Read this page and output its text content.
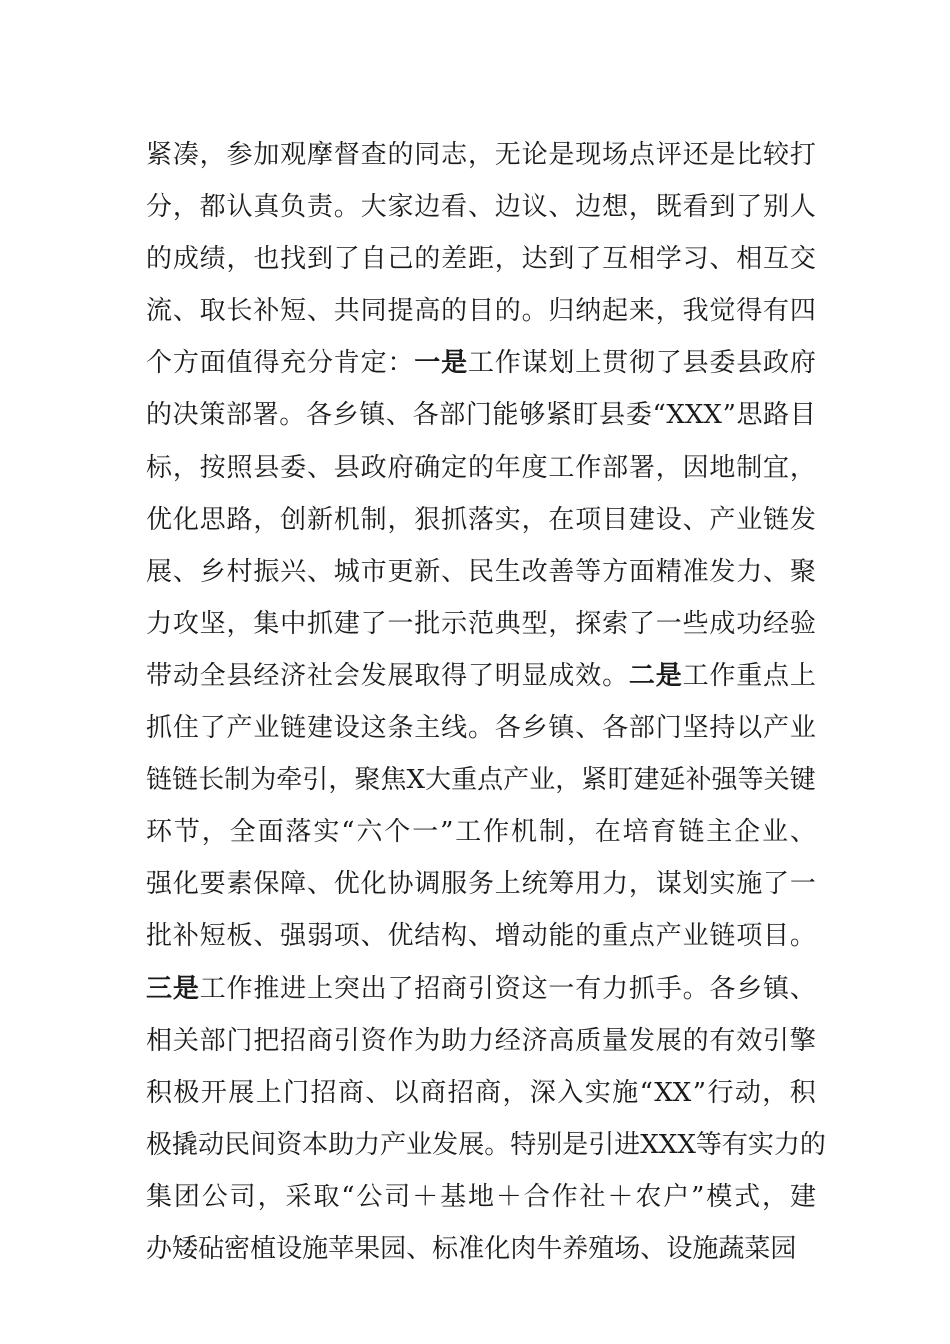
紧 凑 ， 参 加 观 摩 督 查 的 同 志 ， 无 论 是 现 场 点 评 还 是 比 较 打
分 ， 都 认 真 负 责 。 大 家 边 看 、 边 议 、 边 想 ， 既 看 到 了 别 人
的 成 绩 ， 也 找 到 了 自 己 的 差 距 ， 达 到 了 互 相 学 习 、 相 互 交
流 、 取 长 补 短 、 共 同 提 高 的 目 的 。 归 纳 起 来 ， 我 觉 得 有 四
个 方 面 值 得 充 分 肯 定 ： 一 是 工 作 谋 划 上 贯 彻 了 县 委 县 政 府
的 决 策 部 署 。 各 乡 镇 、 各 部 门 能 够 紧 盯 县 委 “ XXX ” 思 路 目
标 ， 按 照 县 委 、 县 政 府 确 定 的 年 度 工 作 部 署 ， 因 地 制 宜 ，
优 化 思 路 ， 创 新 机 制 ， 狠 抓 落 实 ， 在 项 目 建 设 、 产 业 链 发
展 、 乡 村 振 兴 、 城 市 更 新 、 民 生 改 善 等 方 面 精 准 发 力 、 聚
力 攻 坚 ， 集 中 抓 建 了 一 批 示 范 典 型 ， 探 索 了 一 些 成 功 经 验
带 动 全 县 经 济 社 会 发 展 取 得 了 明 显 成 效 。 二 是 工 作 重 点 上
抓 住 了 产 业 链 建 设 这 条 主 线 。 各 乡 镇 、 各 部 门 坚 持 以 产 业
链 链 长 制 为 牵 引 ， 聚 焦 X 大 重 点 产 业 ， 紧 盯 建 延 补 强 等 关 键
环 节 ， 全 面 落 实 “ 六 个 一 ” 工 作 机 制 ， 在 培 育 链 主 企 业 、
强 化 要 素 保 障 、 优 化 协 调 服 务 上 统 筹 用 力 ， 谋 划 实 施 了 一
批 补 短 板 、 强 弱 项 、 优 结 构 、 增 动 能 的 重 点 产 业 链 项 目 。
三 是 工 作 推 进 上 突 出 了 招 商 引 资 这 一 有 力 抓 手 。 各 乡 镇 、
相 关 部 门 把 招 商 引 资 作 为 助 力 经 济 高 质 量 发 展 的 有 效 引 擎
积 极 开 展 上 门 招 商 、 以 商 招 商 ， 深 入 实 施 “ XX ” 行 动 ， 积
极 撬 动 民 间 资 本 助 力 产 业 发 展 。 特 别 是 引 进 XXX 等 有 实 力 的
集 团 公 司 ， 采 取 “ 公 司 ＋ 基 地 ＋ 合 作 社 ＋ 农 户 ” 模 式 ， 建
办 矮 砧 密 植 设 施 苹 果 园 、 标 准 化 肉 牛 养 殖 场 、 设 施 蔬 菜 园
